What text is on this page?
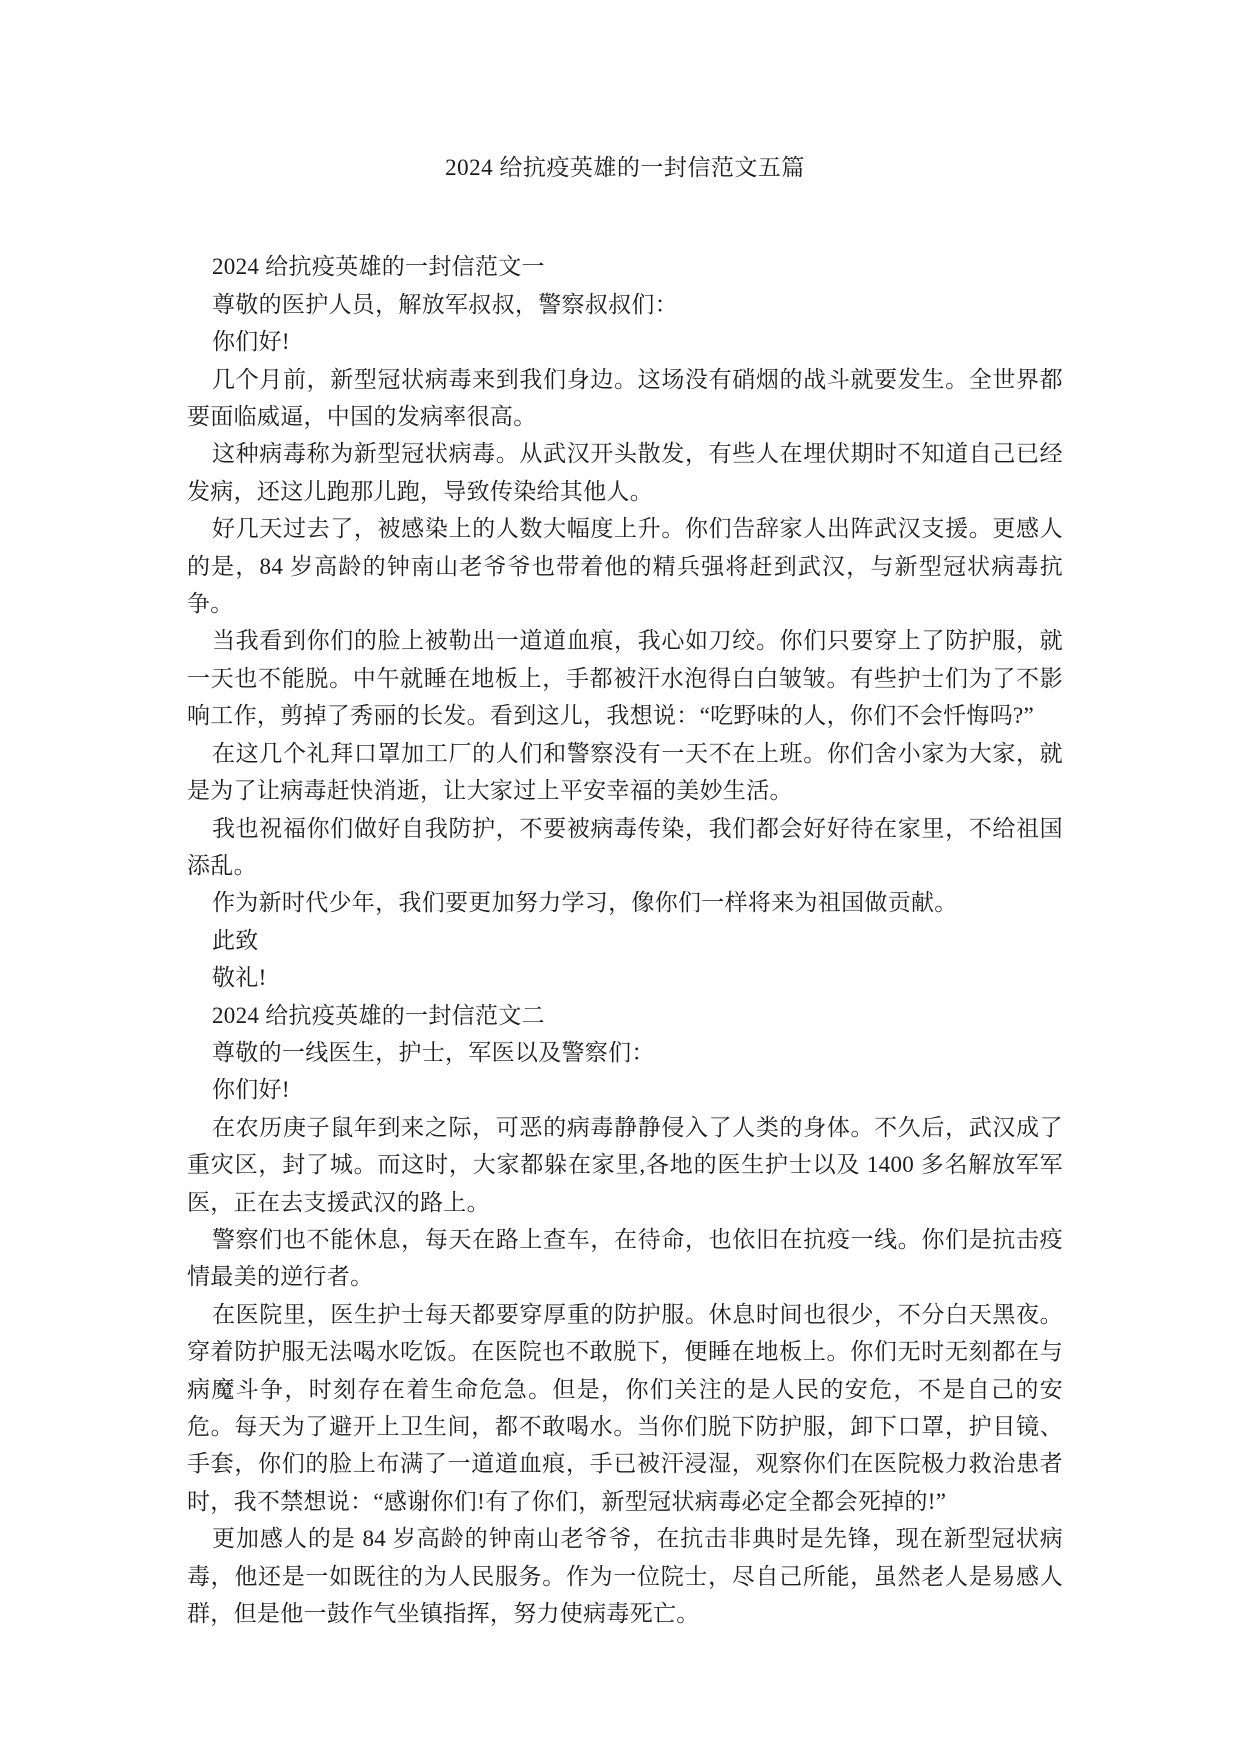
2024 给抗疫英雄的一封信范文五篇

2024 给抗疫英雄的一封信范文一

尊敬的医护人员，解放军叔叔，警察叔叔们：

你们好!

几个月前，新型冠状病毒来到我们身边。这场没有硝烟的战斗就要发生。全世界都要面临威逼，中国的发病率很高。

这种病毒称为新型冠状病毒。从武汉开头散发，有些人在埋伏期时不知道自己已经发病，还这儿跑那儿跑，导致传染给其他人。

好几天过去了，被感染上的人数大幅度上升。你们告辞家人出阵武汉支援。更感人的是，84 岁高龄的钟南山老爷爷也带着他的精兵强将赶到武汉，与新型冠状病毒抗争。

当我看到你们的脸上被勒出一道道血痕，我心如刀绞。你们只要穿上了防护服，就一天也不能脱。中午就睡在地板上，手都被汗水泡得白白皱皱。有些护士们为了不影响工作，剪掉了秀丽的长发。看到这儿，我想说：“吃野味的人，你们不会忏悔吗?”

在这几个礼拜口罩加工厂的人们和警察没有一天不在上班。你们舍小家为大家，就是为了让病毒赶快消逝，让大家过上平安幸福的美妙生活。

我也祝福你们做好自我防护，不要被病毒传染，我们都会好好待在家里，不给祖国添乱。

作为新时代少年，我们要更加努力学习，像你们一样将来为祖国做贡献。

此致

敬礼!

2024 给抗疫英雄的一封信范文二

尊敬的一线医生，护士，军医以及警察们：

你们好!

在农历庚子鼠年到来之际，可恶的病毒静静侵入了人类的身体。不久后，武汉成了重灾区，封了城。而这时，大家都躲在家里,各地的医生护士以及 1400 多名解放军军医，正在去支援武汉的路上。

警察们也不能休息，每天在路上查车，在待命，也依旧在抗疫一线。你们是抗击疫情最美的逆行者。

在医院里，医生护士每天都要穿厚重的防护服。休息时间也很少，不分白天黑夜。穿着防护服无法喝水吃饭。在医院也不敢脱下，便睡在地板上。你们无时无刻都在与病魔斗争，时刻存在着生命危急。但是，你们关注的是人民的安危，不是自己的安危。每天为了避开上卫生间，都不敢喝水。当你们脱下防护服，卸下口罩，护目镜、手套，你们的脸上布满了一道道血痕，手已被汗浸湿，观察你们在医院极力救治患者时，我不禁想说：“感谢你们!有了你们，新型冠状病毒必定全都会死掉的!”

更加感人的是 84 岁高龄的钟南山老爷爷，在抗击非典时是先锋，现在新型冠状病毒，他还是一如既往的为人民服务。作为一位院士，尽自己所能，虽然老人是易感人群，但是他一鼓作气坐镇指挥，努力使病毒死亡。
